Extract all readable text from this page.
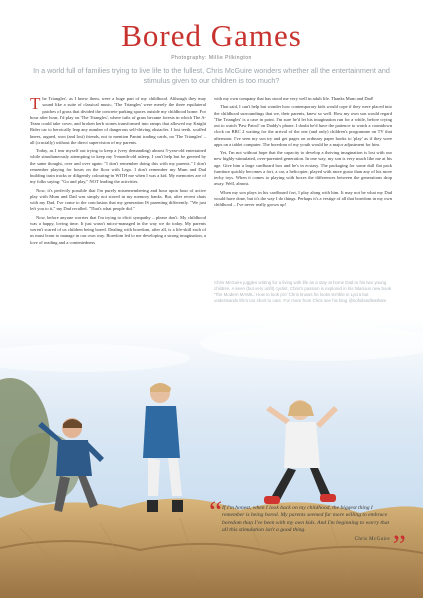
Bored Games
Photography: Millie Pilkington
In a world full of families trying to live life to the fullest, Chris McGuire wonders whether all the entertainment and stimulus given to our children is too much?

The Triangles', as I knew them, were a huge part of my childhood. Although they may sound like a suite of classical music, 'The Triangles' were merely the three equilateral patches of grass that divided the concrete parking spaces outside my childhood home. For hour after hour, I'd play on 'The Triangles', where tufts of grass became forests in which The A-Team could take cover, and broken kerb stones transformed into ramps that allowed my Knight Rider car to heroically leap any number of dangerous self-driving obstacles. I lost teeth, scuffed knees, argued, won (and lost) friends, not to mention Panini trading cards, on 'The Triangles' – all (crucially) without the direct supervision of my parents.

Today, as I tear myself out trying to keep a (very demanding) almost 5-year-old entertained while simultaneously attempting to keep my 5-month-old asleep, I can't help but be greeted by the same thought, over and over again: "I don't remember doing this with my parents." I don't remember playing for hours on the floor with Lego. I don't remember my Mum and Dad building train tracks or diligently colouring-in WITH me when I was a kid. My memories are of my folks saying: "Go and play," NOT leading the activities.

Now, it's perfectly possible that I'm purely misremembering and hour upon hour of active play with Mum and Dad was simply not stored in my memory banks. But, after recent chats with my Dad, I've come to the conclusion that my generation IS parenting differently. "We just left you to it," my Dad recalled. "That's what people did."

Now, before anyone worries that I'm trying to elicit sympathy – please don't. My childhood was a happy, loving time. It just wasn't micro-managed in the way we do today. My parents weren't scared of us children being bored. Dealing with boredom, after all, is a life-skill each of us must learn to manage in our own way. Boredom led to me developing a strong imagination, a love of reading and a contentedness

with my own company that has stood me very well in adult life. Thanks Mum and Dad!

That said, I can't help but wonder how contemporary kids would cope if they were placed into the childhood surroundings that we, their parents, knew so well. How my own son would regard 'The Triangles' is a case in point. I'm sure he'd let his imagination run for a while, before crying out to watch 'Paw Patrol' on Daddy's phone. I doubt he'd have the patience to watch a countdown clock on BBC 2 waiting for the arrival of the one (and only) children's programme on TV that afternoon. I've seen my son try and get pages on ordinary paper books to 'play' as if they were apps on a tablet computer. The boredom of my youth would be a major adjustment for him.

Yet, I'm not without hope that the capacity to develop a thriving imagination is lost with our new highly-stimulated, over-parented generation. In one way, my son is very much like me at his age. Give him a large cardboard box and he's in ecstasy. The packaging for some dull flat pack furniture quickly becomes a fort, a car, a helicopter, played with more gusto than any of his more techy toys. When it comes to playing with boxes the differences between the generations drop away. Well, almost.

When my son plays in his cardboard fort, I play along with him. It may not be what my Dad would have done, but it's the way I do things. Perhaps it's a vestige of all that boredom in my own childhood – I've never really grown up!

Chris McGuire juggles writing for a living with life as a stay at home Dad to his two young children. A keen (but very unfit) cyclist, Chris's passion is explored in his hilarious new book 'The Modern MAMIL: How to look pro' Chris knows he looks terrible in Lycra but understands life's too short to care. For more from Chris see his blog @sofoilandleatham
“ If I'm honest, when I look back on my childhood, the biggest thing I remember is being bored. My parents seemed far more willing to embrace boredom than I've been with my own kids. And I'm beginning to worry that all this stimulation isn't a good thing.
Chris McGuire ”
